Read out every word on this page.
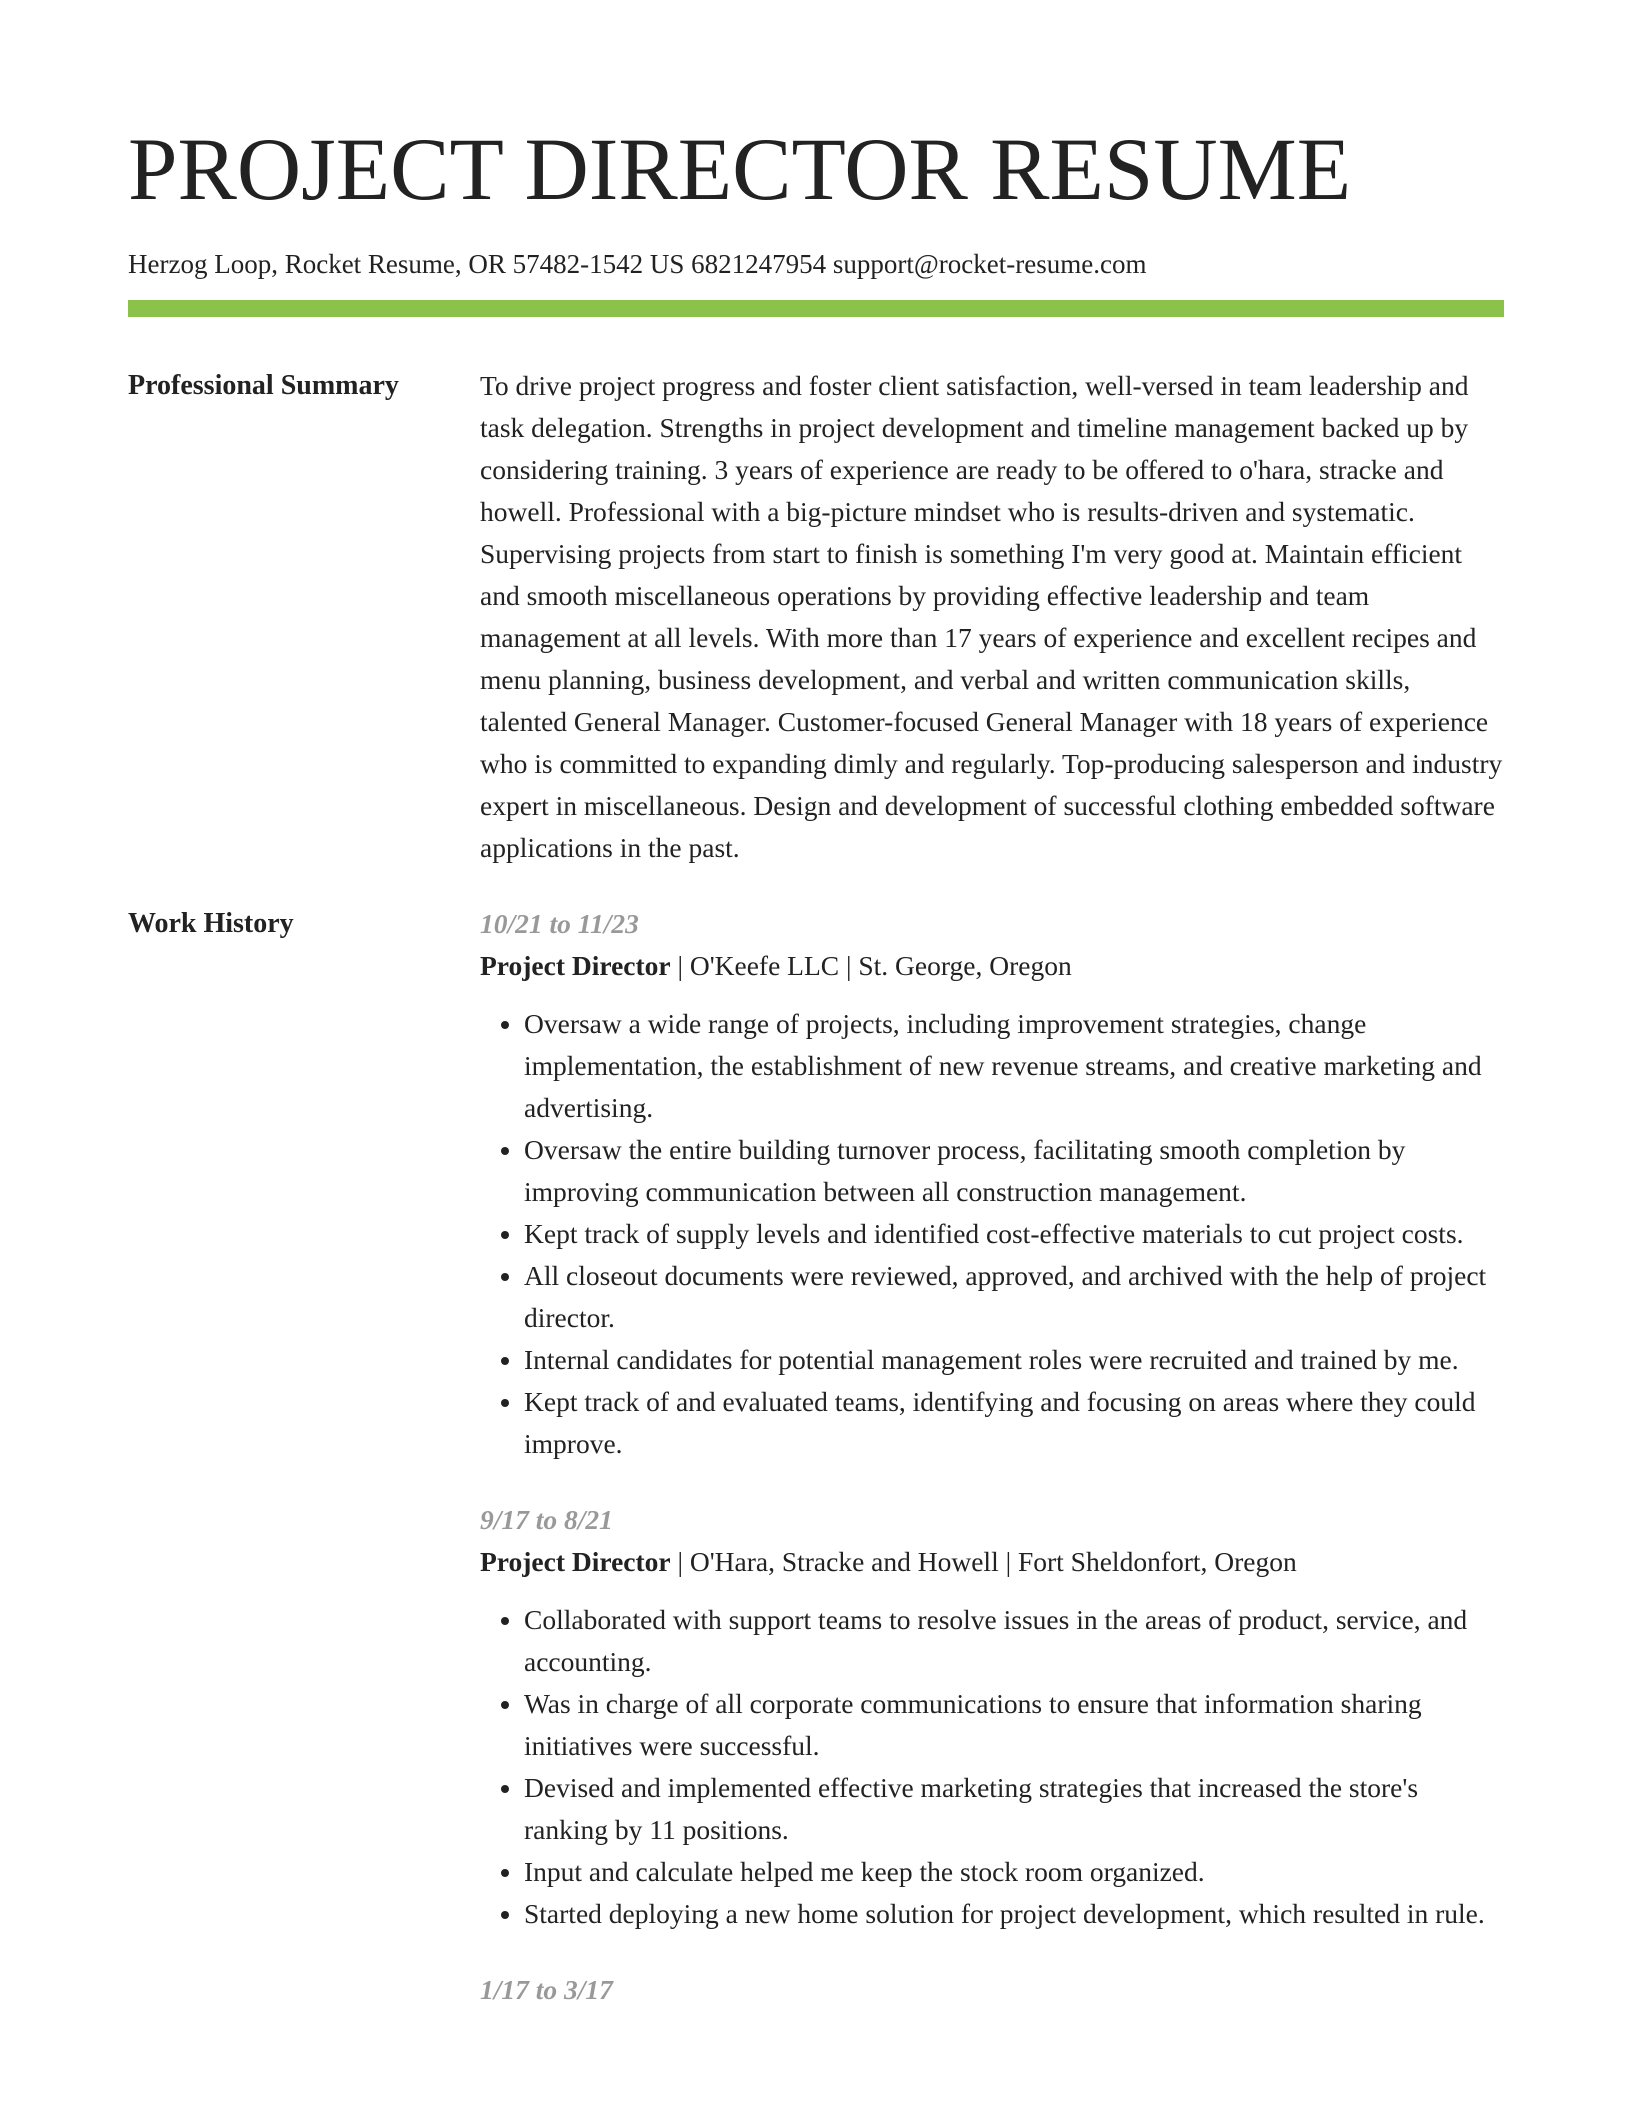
PROJECT DIRECTOR RESUME
Herzog Loop, Rocket Resume, OR 57482-1542 US 6821247954 support@rocket-resume.com
Professional Summary	To drive project progress and foster client satisfaction, well-versed in team leadership and task delegation. Strengths in project development and timeline management backed up by considering training. 3 years of experience are ready to be offered to o'hara, stracke and howell. Professional with a big-picture mindset who is results-driven and systematic. Supervising projects from start to finish is something I'm very good at. Maintain efficient and smooth miscellaneous operations by providing effective leadership and team management at all levels. With more than 17 years of experience and excellent recipes and menu planning, business development, and verbal and written communication skills, talented General Manager. Customer-focused General Manager with 18 years of experience who is committed to expanding dimly and regularly. Top-producing salesperson and industry expert in miscellaneous. Design and development of successful clothing embedded software applications in the past.

Work History	10/21 to 11/23
Project Director | O'Keefe LLC | St. George, Oregon
• Oversaw a wide range of projects, including improvement strategies, change implementation, the establishment of new revenue streams, and creative marketing and advertising.
• Oversaw the entire building turnover process, facilitating smooth completion by improving communication between all construction management.
• Kept track of supply levels and identified cost-effective materials to cut project costs.
• All closeout documents were reviewed, approved, and archived with the help of project director.
• Internal candidates for potential management roles were recruited and trained by me.
• Kept track of and evaluated teams, identifying and focusing on areas where they could improve.
9/17 to 8/21
Project Director | O'Hara, Stracke and Howell | Fort Sheldonfort, Oregon
• Collaborated with support teams to resolve issues in the areas of product, service, and accounting.
• Was in charge of all corporate communications to ensure that information sharing initiatives were successful.
• Devised and implemented effective marketing strategies that increased the store's ranking by 11 positions.
• Input and calculate helped me keep the stock room organized.
• Started deploying a new home solution for project development, which resulted in rule.
1/17 to 3/17
